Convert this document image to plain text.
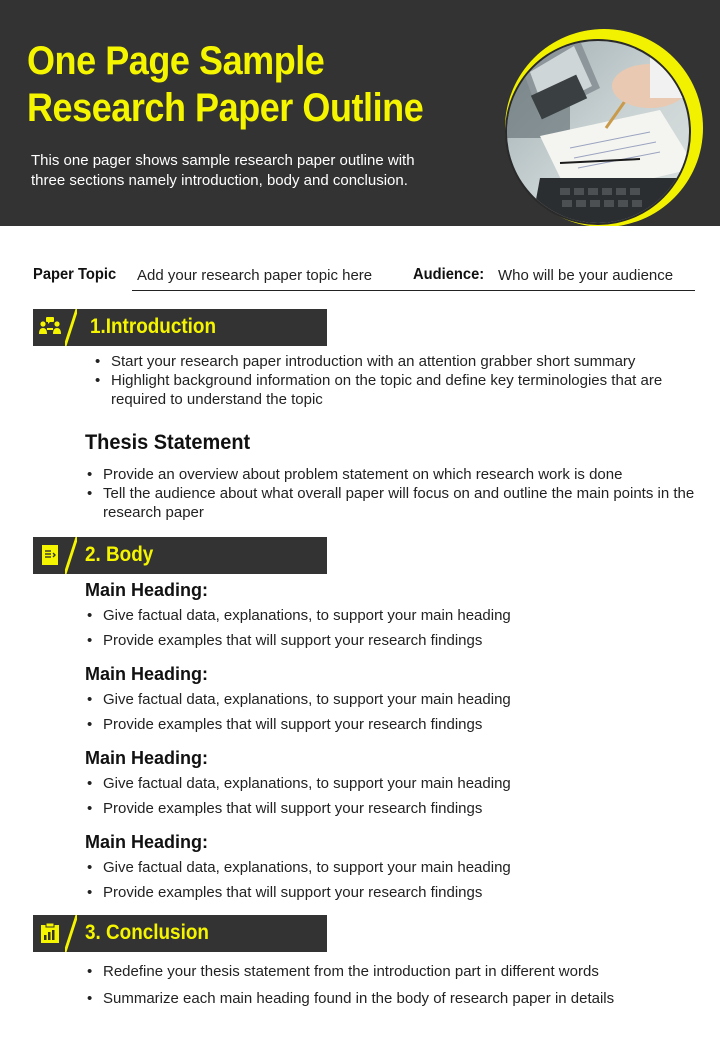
One Page Sample
Research Paper Outline
This one pager shows sample research paper outline with
three sections namely introduction, body and conclusion.
Paper Topic Add your research paper topic here	Audience: Who will be your audience
1.Introduction
• Start your research paper introduction with an attention grabber short summary
• Highlight background information on the topic and define key terminologies that are required to understand the topic
Thesis Statement
• Provide an overview about problem statement on which research work is done
• Tell the audience about what overall paper will focus on and outline the main points in the research paper
2. Body
Main Heading:
• Give factual data, explanations, to support your main heading
• Provide examples that will support your research findings
Main Heading:
• Give factual data, explanations, to support your main heading
• Provide examples that will support your research findings
Main Heading:
• Give factual data, explanations, to support your main heading
• Provide examples that will support your research findings
Main Heading:
• Give factual data, explanations, to support your main heading
• Provide examples that will support your research findings
3. Conclusion
• Redefine your thesis statement from the introduction part in different words
• Summarize each main heading found in the body of research paper in details
